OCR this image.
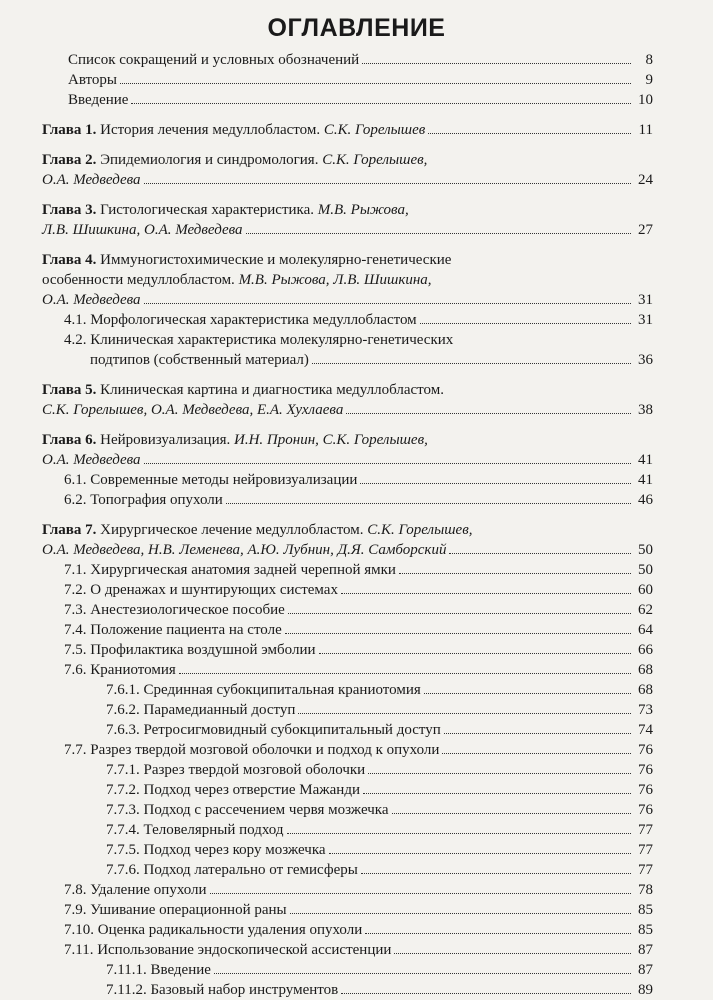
ОГЛАВЛЕНИЕ
Список сокращений и условных обозначений	8
Авторы	9
Введение	10
Глава 1. История лечения медуллобластом. С.К. Горелышев	11
Глава 2. Эпидемиология и синдромология. С.К. Горелышев,
О.А. Медведева	24
Глава 3. Гистологическая характеристика. М.В. Рыжова,
Л.В. Шишкина, О.А. Медведева	27
Глава 4. Иммуногистохимические и молекулярно-генетические
особенности медуллобластом. М.В. Рыжова, Л.В. Шишкина,
О.А. Медведева	31
4.1. Морфологическая характеристика медуллобластом	31
4.2. Клиническая характеристика молекулярно-генетических
подтипов (собственный материал)	36
Глава 5. Клиническая картина и диагностика медуллобластом.
С.К. Горелышев, О.А. Медведева, Е.А. Хухлаева	38
Глава 6. Нейровизуализация. И.Н. Пронин, С.К. Горелышев,
О.А. Медведева	41
6.1. Современные методы нейровизуализации	41
6.2. Топография опухоли	46
Глава 7. Хирургическое лечение медуллобластом. С.К. Горелышев,
О.А. Медведева, Н.В. Леменева, А.Ю. Лубнин, Д.Я. Самборский	50
7.1. Хирургическая анатомия задней черепной ямки	50
7.2. О дренажах и шунтирующих системах	60
7.3. Анестезиологическое пособие	62
7.4. Положение пациента на столе	64
7.5. Профилактика воздушной эмболии	66
7.6. Краниотомия	68
7.6.1. Срединная субокципитальная краниотомия	68
7.6.2. Парамедианный доступ	73
7.6.3. Ретросигмовидный субокципитальный доступ	74
7.7. Разрез твердой мозговой оболочки и подход к опухоли	76
7.7.1. Разрез твердой мозговой оболочки	76
7.7.2. Подход через отверстие Мажанди	76
7.7.3. Подход с рассечением червя мозжечка	76
7.7.4. Теловелярный подход	77
7.7.5. Подход через кору мозжечка	77
7.7.6. Подход латерально от гемисферы	77
7.8. Удаление опухоли	78
7.9. Ушивание операционной раны	85
7.10. Оценка радикальности удаления опухоли	85
7.11. Использование эндоскопической ассистенции	87
7.11.1. Введение	87
7.11.2. Базовый набор инструментов	89
